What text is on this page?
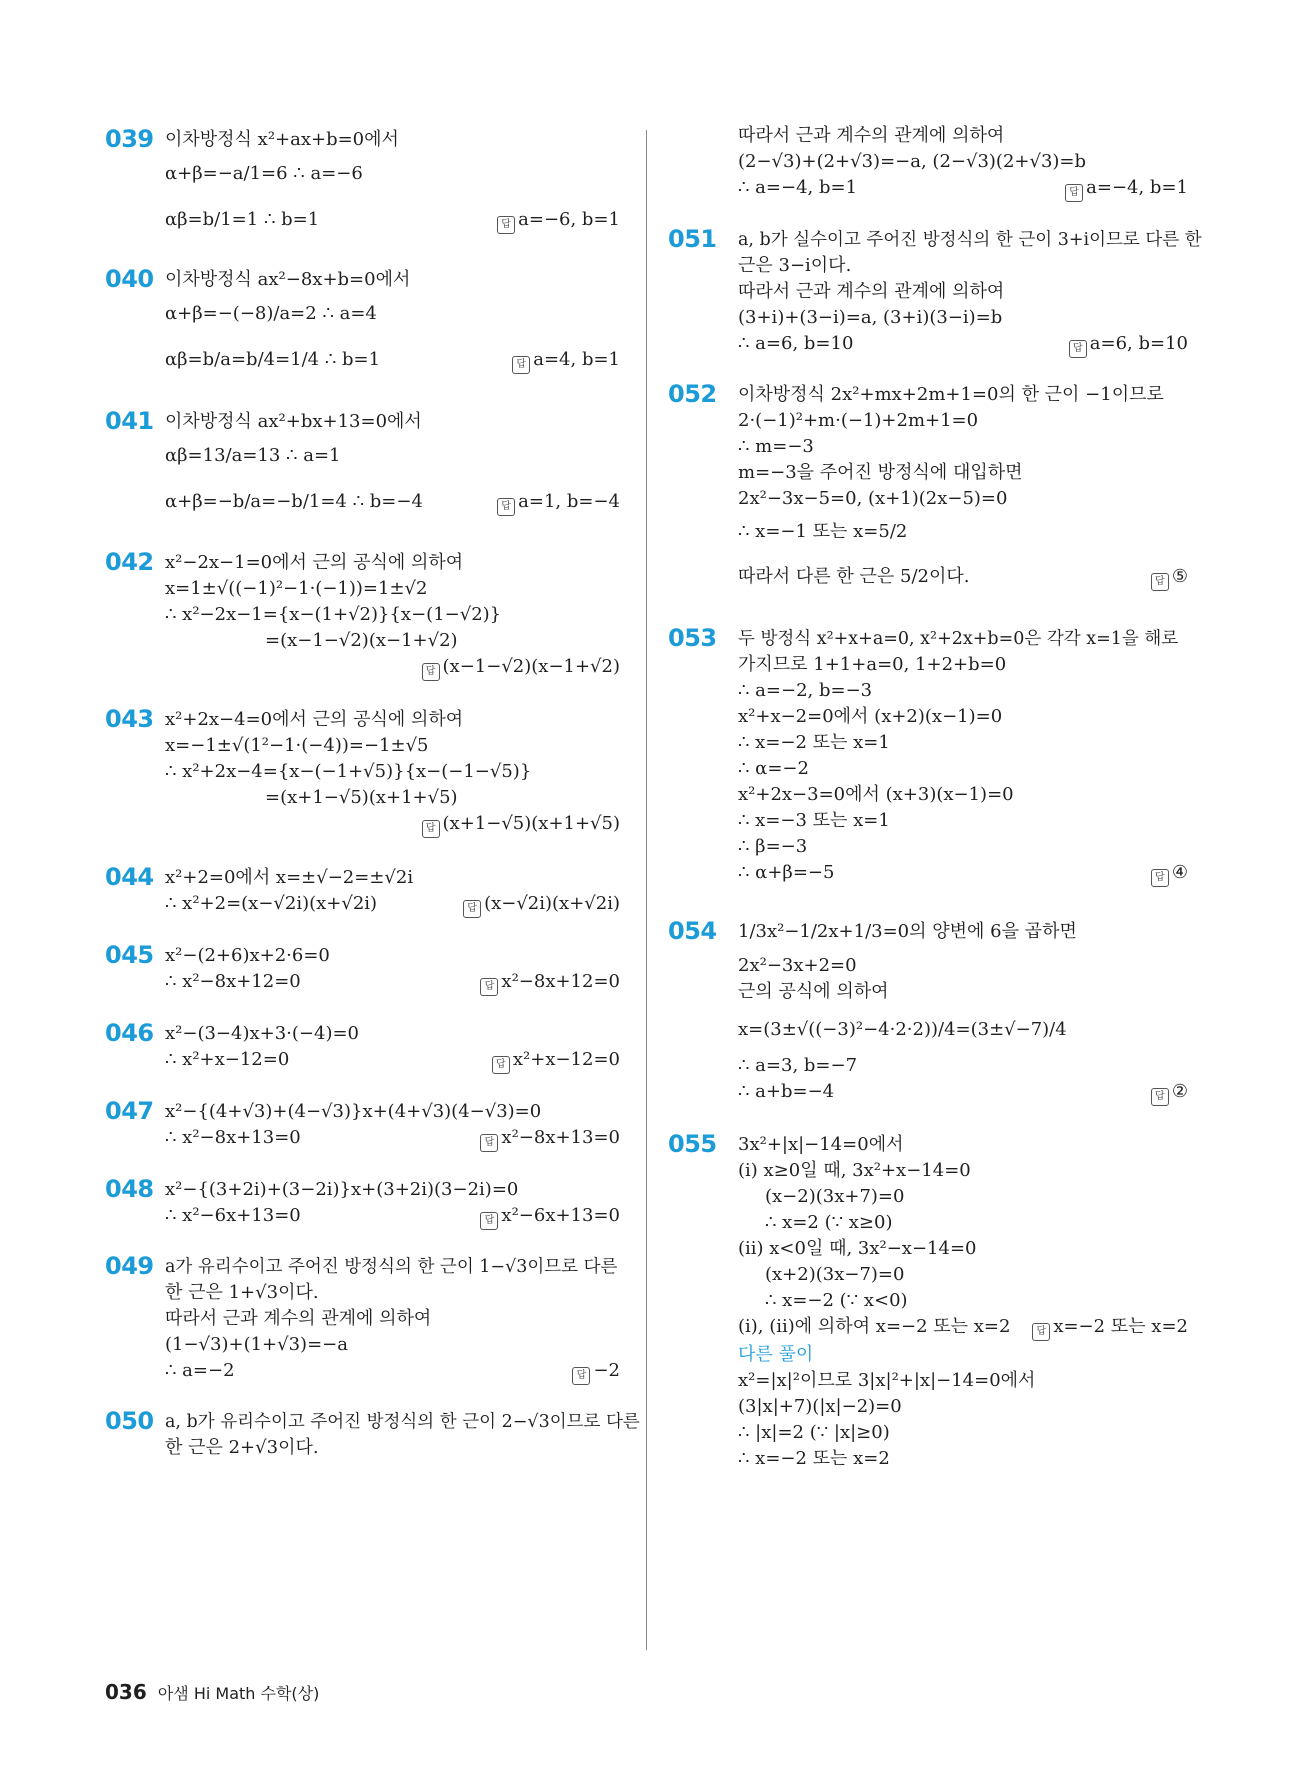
039 이차방정식 x²+ax+b=0에서
α+β=−a/1=6 ∴ a=−6
αβ=b/1=1 ∴ b=1	답 a=−6, b=1
040 이차방정식 ax²−8x+b=0에서
α+β=−(−8)/a=2 ∴ a=4
αβ=b/a=b/4=1/4 ∴ b=1	답 a=4, b=1
041 이차방정식 ax²+bx+13=0에서
αβ=13/a=13 ∴ a=1
α+β=−b/a=−b/1=4 ∴ b=−4	답 a=1, b=−4
042 x²−2x−1=0에서 근의 공식에 의하여
x=1±√((−1)²−1·(−1))=1±√2
∴ x²−2x−1={x−(1+√2)}{x−(1−√2)}
=(x−1−√2)(x−1+√2)
답 (x−1−√2)(x−1+√2)
043 x²+2x−4=0에서 근의 공식에 의하여
x=−1±√(1²−1·(−4))=−1±√5
∴ x²+2x−4={x−(−1+√5)}{x−(−1−√5)}
=(x+1−√5)(x+1+√5)
답 (x+1−√5)(x+1+√5)
044 x²+2=0에서 x=±√−2=±√2i
∴ x²+2=(x−√2i)(x+√2i)	답 (x−√2i)(x+√2i)
045 x²−(2+6)x+2·6=0
∴ x²−8x+12=0	답 x²−8x+12=0
046 x²−(3−4)x+3·(−4)=0
∴ x²+x−12=0	답 x²+x−12=0
047 x²−{(4+√3)+(4−√3)}x+(4+√3)(4−√3)=0
∴ x²−8x+13=0	답 x²−8x+13=0
048 x²−{(3+2i)+(3−2i)}x+(3+2i)(3−2i)=0
∴ x²−6x+13=0	답 x²−6x+13=0
049 a가 유리수이고 주어진 방정식의 한 근이 1−√3이므로 다른
한 근은 1+√3이다.
따라서 근과 계수의 관계에 의하여
(1−√3)+(1+√3)=−a
∴ a=−2	답 −2
050 a, b가 유리수이고 주어진 방정식의 한 근이 2−√3이므로 다른
한 근은 2+√3이다.
따라서 근과 계수의 관계에 의하여
(2−√3)+(2+√3)=−a, (2−√3)(2+√3)=b
∴ a=−4, b=1	답 a=−4, b=1
051 a, b가 실수이고 주어진 방정식의 한 근이 3+i이므로 다른 한
근은 3−i이다.
따라서 근과 계수의 관계에 의하여
(3+i)+(3−i)=a, (3+i)(3−i)=b
∴ a=6, b=10	답 a=6, b=10
052 이차방정식 2x²+mx+2m+1=0의 한 근이 −1이므로
2·(−1)²+m·(−1)+2m+1=0
∴ m=−3
m=−3을 주어진 방정식에 대입하면
2x²−3x−5=0, (x+1)(2x−5)=0
∴ x=−1 또는 x=5/2
따라서 다른 한 근은 5/2이다.	답 ⑤
053 두 방정식 x²+x+a=0, x²+2x+b=0은 각각 x=1을 해로
가지므로 1+1+a=0, 1+2+b=0
∴ a=−2, b=−3
x²+x−2=0에서 (x+2)(x−1)=0
∴ x=−2 또는 x=1
∴ α=−2
x²+2x−3=0에서 (x+3)(x−1)=0
∴ x=−3 또는 x=1
∴ β=−3
∴ α+β=−5	답 ④
054 1/3x²−1/2x+1/3=0의 양변에 6을 곱하면
2x²−3x+2=0
근의 공식에 의하여
x=(3±√((−3)²−4·2·2))/4=(3±√−7)/4
∴ a=3, b=−7
∴ a+b=−4	답 ②
055 3x²+|x|−14=0에서
(ⅰ) x≥0일 때, 3x²+x−14=0
(x−2)(3x+7)=0
∴ x=2 (∵ x≥0)
(ⅱ) x<0일 때, 3x²−x−14=0
(x+2)(3x−7)=0
∴ x=−2 (∵ x<0)
(ⅰ), (ⅱ)에 의하여 x=−2 또는 x=2	답 x=−2 또는 x=2
다른 풀이
x²=|x|²이므로 3|x|²+|x|−14=0에서
(3|x|+7)(|x|−2)=0
∴ |x|=2 (∵ |x|≥0)
∴ x=−2 또는 x=2
036 아샘 Hi Math 수학(상)
